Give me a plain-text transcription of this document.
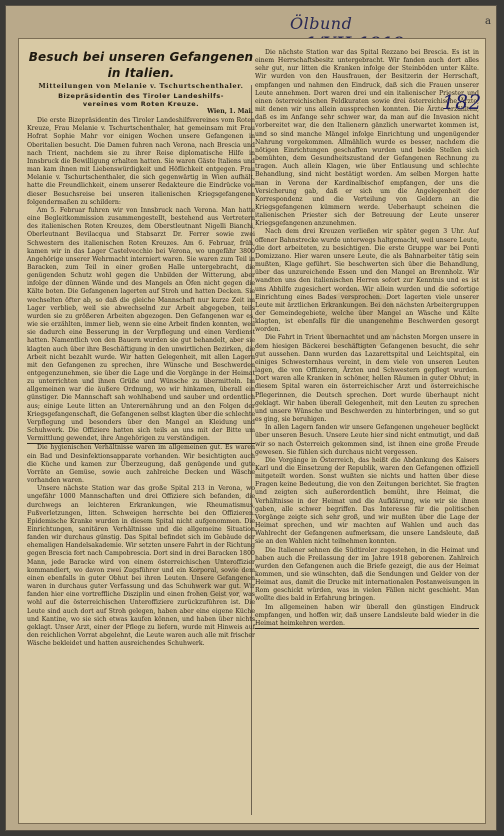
a
Ölbund
Besuch bei unseren Gefangenen in Italien.
Mitteilungen von Melanie v. Tschurtschenthaler.
Bizepräsidentin des Tiroler Landeshilfs-
vereines vom Roten Kreuze.
Wien, 1. Mai.

Die erste Bizepräsidentin des Tiroler Landeshilfsvereines vom Roten Kreuze, Frau Melanie v. Tschurtschenthaler, hat gemeinsam mit Frau Hofrat Sophie Mahr vor einigen Wochen unsere Gefangenen in Oberitalien besucht. Die Damen fuhren nach Verona, nach Brescia und nach Trient, nachdem sie zu ihrer Reise diplomatische Hilfe in Innsbruck die Bewilligung erhalten hatten. Sie waren Gäste Italiens und man kam ihnen mit Liebenswürdigkeit und Höflichkeit entgegen. Frau Melanie v. Tschurtschenthaler, die sich gegenwärtig in Wien aufhält, hatte die Freundlichkeit, einem unserer Redakteure die Eindrücke von dieser Besuchsreise bei unseren italienischen Kriegsgefangenen folgendermaßen zu schildern:

Am 5. Februar fuhren wir von Innsbruck nach Verona. Man hatte eine Begleitkommission zusammengestellt, bestehend aus Vertretern des italienischen Roten Kreuzes, dem Oberstleutnant Nigelli Bianchi, Oberleutnant Bevilacqua und Stabsarzt Dr. Ferrer sowie zwei Schwestern des italienischen Roten Kreuzes. Am 6. Februar, früh, kamen wir in das Lager Castelvecchio bei Verona, wo ungefähr 3800 Angehörige unserer Wehrmacht interniert waren. Sie waren zum Teil in Baracken, zum Teil in einer großen Halle untergebracht, die genügenden Schutz wohl gegen die Unbilden der Witterung, aber infolge der dünnen Wände und des Mangels an Öfen nicht gegen die Kälte boten. Die Gefangenen lagerten auf Stroh und hatten Decken. Sie wechselten öfter ab, so daß die gleiche Mannschaft nur kurze Zeit im Lager verblieb, weil sie abwechselnd zur Arbeit abgegeben, teils wurden sie zu größeren Arbeiten abgezogen. Den Gefangenen war es, wie sie erzählten, immer lieb, wenn sie eine Arbeit finden konnten, weil sie dadurch eine Besserung in der Verpflegung und einen Verdienst hatten. Namentlich von den Bauern wurden sie gut behandelt, aber sie klagten auch über ihre Beschäftigung in den unwirtlichen Bezirken, die Arbeit nicht bezahlt wurde. Wir hatten Gelegenheit, mit allen Lagern mit den Gefangenen zu sprechen, ihre Wünsche und Beschwerden entgegenzunehmen, sie über die Lage und die Vorgänge in der Heimat zu unterrichten und ihnen Grüße und Wünsche zu übermitteln. Im allgemeinen war die äußere Ordnung, wo wir hinkamen, überall ein günstiger. Die Mannschaft sah wohlhabend und sauber und ordentlich aus; einige Leute litten an Unterernährung und an den Folgen der Kriegsgefangenschaft, die Gefangenen selbst klagten über die schlechte Verpflegung und besonders über den Mangel an Kleidung und Schuhwerk. Die Offiziere hatten sich teils an uns mit der Bitte um Vermittlung gewendet, ihre Angehörigen zu verständigen.

Die hygienischen Verhältnisse waren im allgemeinen gut. Es waren ein Bad und Desinfektionsapparate vorhanden. Wir besichtigten auch die Küche und kamen zur Überzeugung, daß genügende und gute Vorräte an Gemüse, sowie auch zahlreiche Decken und Wäsche vorhanden waren.

Unsere nächste Station war das große Spital 213 in Verona, wo ungefähr 1000 Mannschaften und drei Offiziere sich befanden, die durchwegs an leichteren Erkrankungen, wie Rheumatismus, Fußverletzungen, litten. Schweigen herrschte bei den Offizieren. Epidemische Kranke wurden in diesem Spital nicht aufgenommen. Die Einrichtungen, sanitären Verhältnisse und die allgemeine Situation fanden wir durchaus günstig. Das Spital befindet sich im Gebäude der ehemaligen Handelsakademie. Wir setzten unsere Fahrt in der Richtung gegen Brescia fort nach Campobrescia. Dort sind in drei Baracken 1800 Mann, jede Baracke wird von einem österreichischen Unteroffizier kommandiert, wo davon zwei Zugsführer und ein Korporal, sowie dem einen ebenfalls in guter Obhut bei ihren Leuten. Unsere Gefangenen waren in durchaus guter Verfassung und das Schuhwerk war gut. Wir fanden hier eine vortreffliche Disziplin und einen frohen Geist vor, was wohl auf die österreichischen Unteroffiziere zurückzuführen ist. Die Leute sind auch dort auf Stroh gelegen, haben aber eine eigene Küche und Kantine, wo sie sich etwas kaufen können, und haben über nichts geklagt. Unser Arzt, einer der Pflege zu liefern, wurde mit Hinweis auf den reichlichen Vorrat abgelehnt, die Leute waren auch alle mit frischer Wäsche bekleidet und hatten ausreichendes Schuhwerk.

Die nächste Station war das Spital Rezzano bei Brescia. Es ist in einem Herrschaftsbesitz untergebracht. Wir fanden auch dort alles sehr gut, nur litten die Kranken infolge der Steinböden unter Kälte. Wir wurden von den Hausfrauen, der Besitzerin der Herrschaft, empfangen und nahmen den Eindruck, daß sich die Frauen unserer Leute annehmen. Dort waren drei und ein italienischer Priester und einen österreichischen Feldkuraten sowie drei österreichische Ärzte, mit denen wir uns allein aussprechen konnten. Die Ärzte erzählten, daß es im Anfange sehr schwer war, da man auf die Invasion nicht vorbereitet war, die den Italienern gänzlich unerwartet kommen ist, und so sind manche Mängel infolge Einrichtung und ungenügender Nahrung vorgekommen. Allmählich wurde es besser, nachdem die nötigen Einrichtungen geschaffen wurden und beide Stellen sich bemühten, dem Gesundheitszustand der Gefangenen Rechnung zu tragen. Auch allein Klagen, wie über Entlausung und schlechte Behandlung, sind nicht bestätigt worden. Am selben Morgen hatte man in Verona der Kardinalbischof empfangen, der uns die Versicherung gab, daß er sich um die Angelegenheit der Korrespondenz und die Verteilung von Geldern an die Kriegsgefangenen kümmern werde. Ueberhaupt scheinen die italienischen Priester sich der Betreuung der Leute unserer Kriegsgefangenen anzunehmen.

Nach dem drei Kreuzen verließen wir später gegen 3 Uhr. Auf offener Bahnstrecke wurde unterwegs haltgemacht, weil unsere Leute, die dort arbeiteten, zu besichtigen. Die erste Gruppe war bei Ponti Domizzano. Hier waren unsere Leute, die als Bahnarbeiter tätig sein mußten, Klage geführt. Sie beschwerten sich über die Behandlung, über das unzureichende Essen und den Mangel an Brennholz. Wir wandten uns den italienischen Herren sofort zur Kenntnis und es ist uns Abhilfe zugesichert worden. Wir allein wurden und die sofortige Einrichtung eines Bades versprochen. Dort lagerten viele unserer Leute mit ärztlichen Erkrankungen. Bei den nächsten Arbeitergruppen der Gemeindegebiete, welche über Mangel an Wäsche und Kälte klagten, ist ebenfalls für die unangenehme Beschwerden gesorgt worden.

Die Fahrt in Trient übernachtet und am nächsten Morgen unsere in dem hiesigen Bäckerei beschäftigten Gefangenen besucht, die sehr gut aussehen. Dann wurden das Lazarettspital und Leichtspital, ein einiges Schwesternhaus vereint, in dem viele von unseren Leuten lagen, die von Offizieren, Ärzten und Schwestern gepflegt wurden. Dort waren alle Kranken in schöner, hellen Räumen in guter Obhut; in diesem Spital waren ein österreichischer Arzt und österreichische Pflegerinnen, die Deutsch sprechen. Dort wurde überhaupt nicht geklagt. Wir haben überall Gelegenheit, mit den Leuten zu sprechen und unsere Wünsche und Beschwerden zu hinterbringen, und so gut es ging, sie beruhigen.

In allen Lagern fanden wir unsere Gefangenen ungeheuer beglückt über unseren Besuch. Unsere Leute hier sind nicht entmutigt, und daß wir so nach Österreich gekommen sind, ist ihnen eine große Freude gewesen. Sie fühlen sich durchaus nicht vergessen.

Die Vorgänge in Österreich, das heißt die Abdankung des Kaisers Karl und die Einsetzung der Republik, waren den Gefangenen offiziell mitgeteilt worden. Sonst wußten sie nichts und hatten über diese Fragen keine Bedeutung, die von den Zeitungen berichtet. Sie fragten und zeigten sich außerordentlich bemüht, ihre Heimat, die Verhältnisse in der Heimat und die Aufklärung, wie wir sie ihnen gaben, alle schwer begriffen. Das Interesse für die politischen Vorgänge zeigte sich sehr groß, und wir mußten über die Lage der Heimat sprechen, und wir machten auf Wahlen und auch das Wahlrecht der Gefangenen aufmerksam, die unsere Landsleute, daß sie an den Wahlen nicht teilnehmen konnten.

Die Italiener sehnen die Südtiroler zugestehen, in die Heimat und haben auch die Freilassung der im Jahre 1918 geborenen. Zahlreich wurden den Gefangenen auch die Briefe gezeigt, die aus der Heimat kommen, und sie wünschten, daß die Sendungen und Gelder von der Heimat aus, damit die Drucke mit internationalen Postanweisungen in Rom geschickt würden, was in vielen Fällen nicht geschieht. Man wollte dies bald in Erfahrung bringen.

Im allgemeinen haben wir überall den günstigen Eindruck empfangen, und hoffen wir, daß unsere Landsleute bald wieder in die Heimat heimkehren werden.

182
